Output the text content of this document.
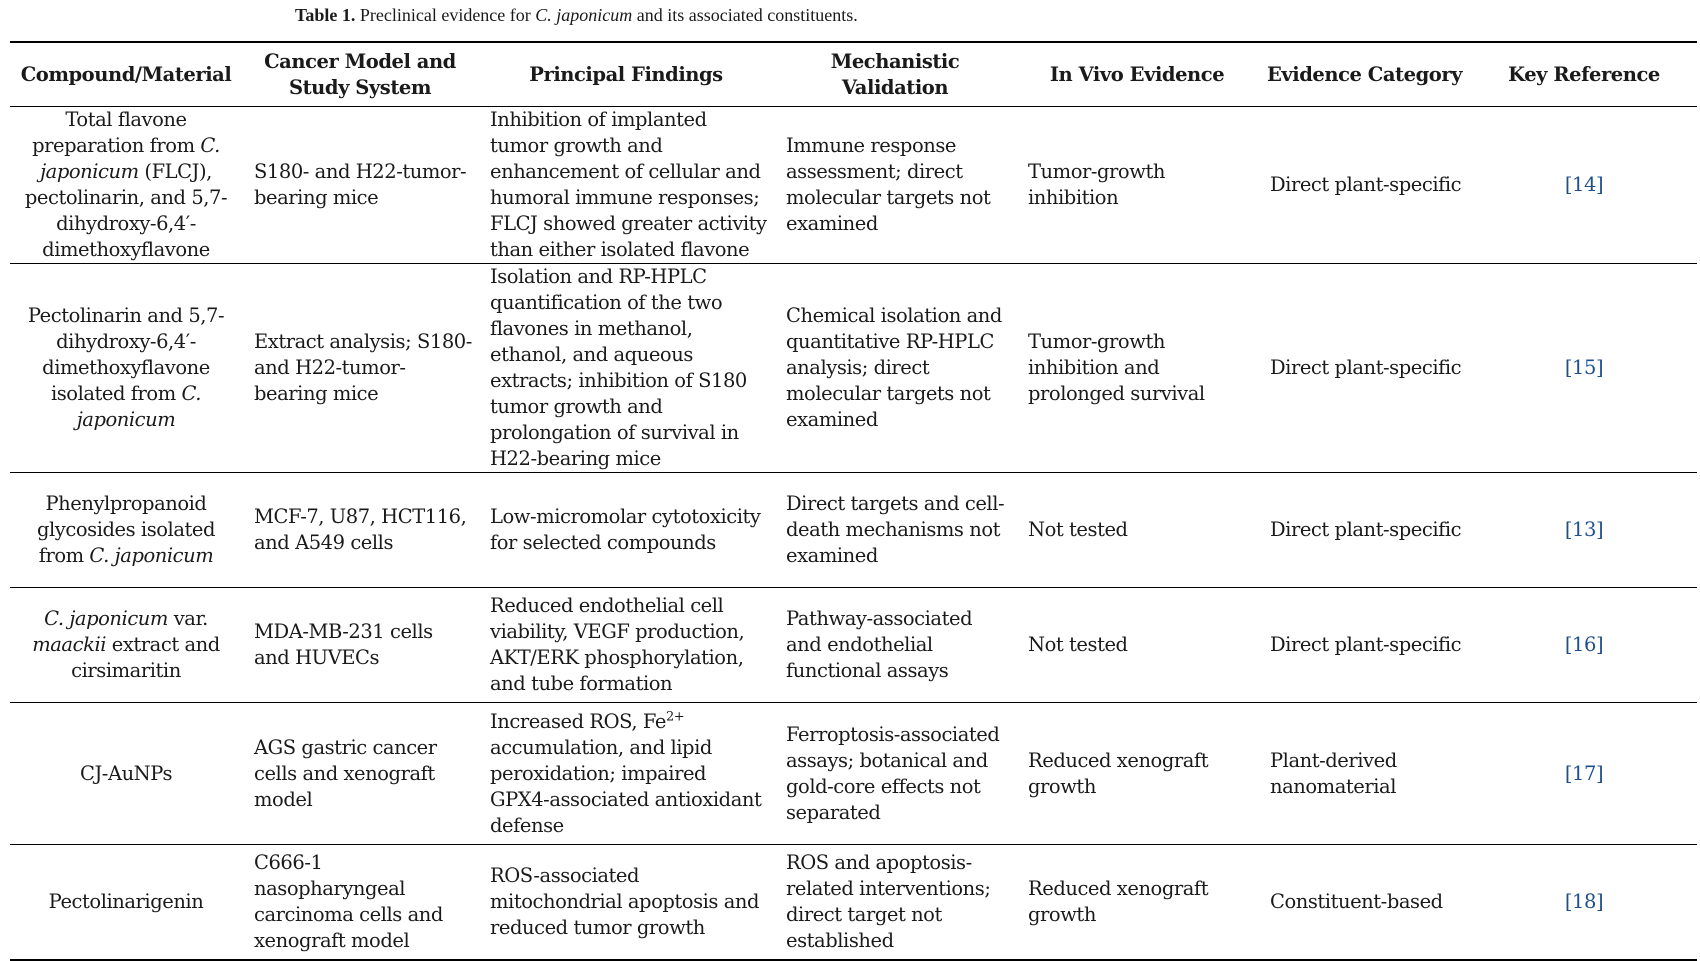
Table 1. Preclinical evidence for C. japonicum and its associated constituents.
Compound/Material	Cancer Model and Study System	Principal Findings	Mechanistic Validation	In Vivo Evidence	Evidence Category	Key Reference
Total flavone preparation from C. japonicum (FLCJ), pectolinarin, and 5,7-dihydroxy-6,4′-dimethoxyflavone	S180- and H22-tumor-bearing mice	Inhibition of implanted tumor growth and enhancement of cellular and humoral immune responses; FLCJ showed greater activity than either isolated flavone	Immune response assessment; direct molecular targets not examined	Tumor-growth inhibition	Direct plant-specific	[14]
Pectolinarin and 5,7-dihydroxy-6,4′-dimethoxyflavone isolated from C. japonicum	Extract analysis; S180- and H22-tumor-bearing mice	Isolation and RP-HPLC quantification of the two flavones in methanol, ethanol, and aqueous extracts; inhibition of S180 tumor growth and prolongation of survival in H22-bearing mice	Chemical isolation and quantitative RP-HPLC analysis; direct molecular targets not examined	Tumor-growth inhibition and prolonged survival	Direct plant-specific	[15]
Phenylpropanoid glycosides isolated from C. japonicum	MCF-7, U87, HCT116, and A549 cells	Low-micromolar cytotoxicity for selected compounds	Direct targets and cell-death mechanisms not examined	Not tested	Direct plant-specific	[13]
C. japonicum var. maackii extract and cirsimaritin	MDA-MB-231 cells and HUVECs	Reduced endothelial cell viability, VEGF production, AKT/ERK phosphorylation, and tube formation	Pathway-associated and endothelial functional assays	Not tested	Direct plant-specific	[16]
CJ-AuNPs	AGS gastric cancer cells and xenograft model	Increased ROS, $Fe^{2+}$ accumulation, and lipid peroxidation; impaired GPX4-associated antioxidant defense	Ferroptosis-associated assays; botanical and gold-core effects not separated	Reduced xenograft growth	Plant-derived nanomaterial	[17]
Pectolinarigenin	C666-1 nasopharyngeal carcinoma cells and xenograft model	ROS-associated mitochondrial apoptosis and reduced tumor growth	ROS and apoptosis-related interventions; direct target not established	Reduced xenograft growth	Constituent-based	[18]
